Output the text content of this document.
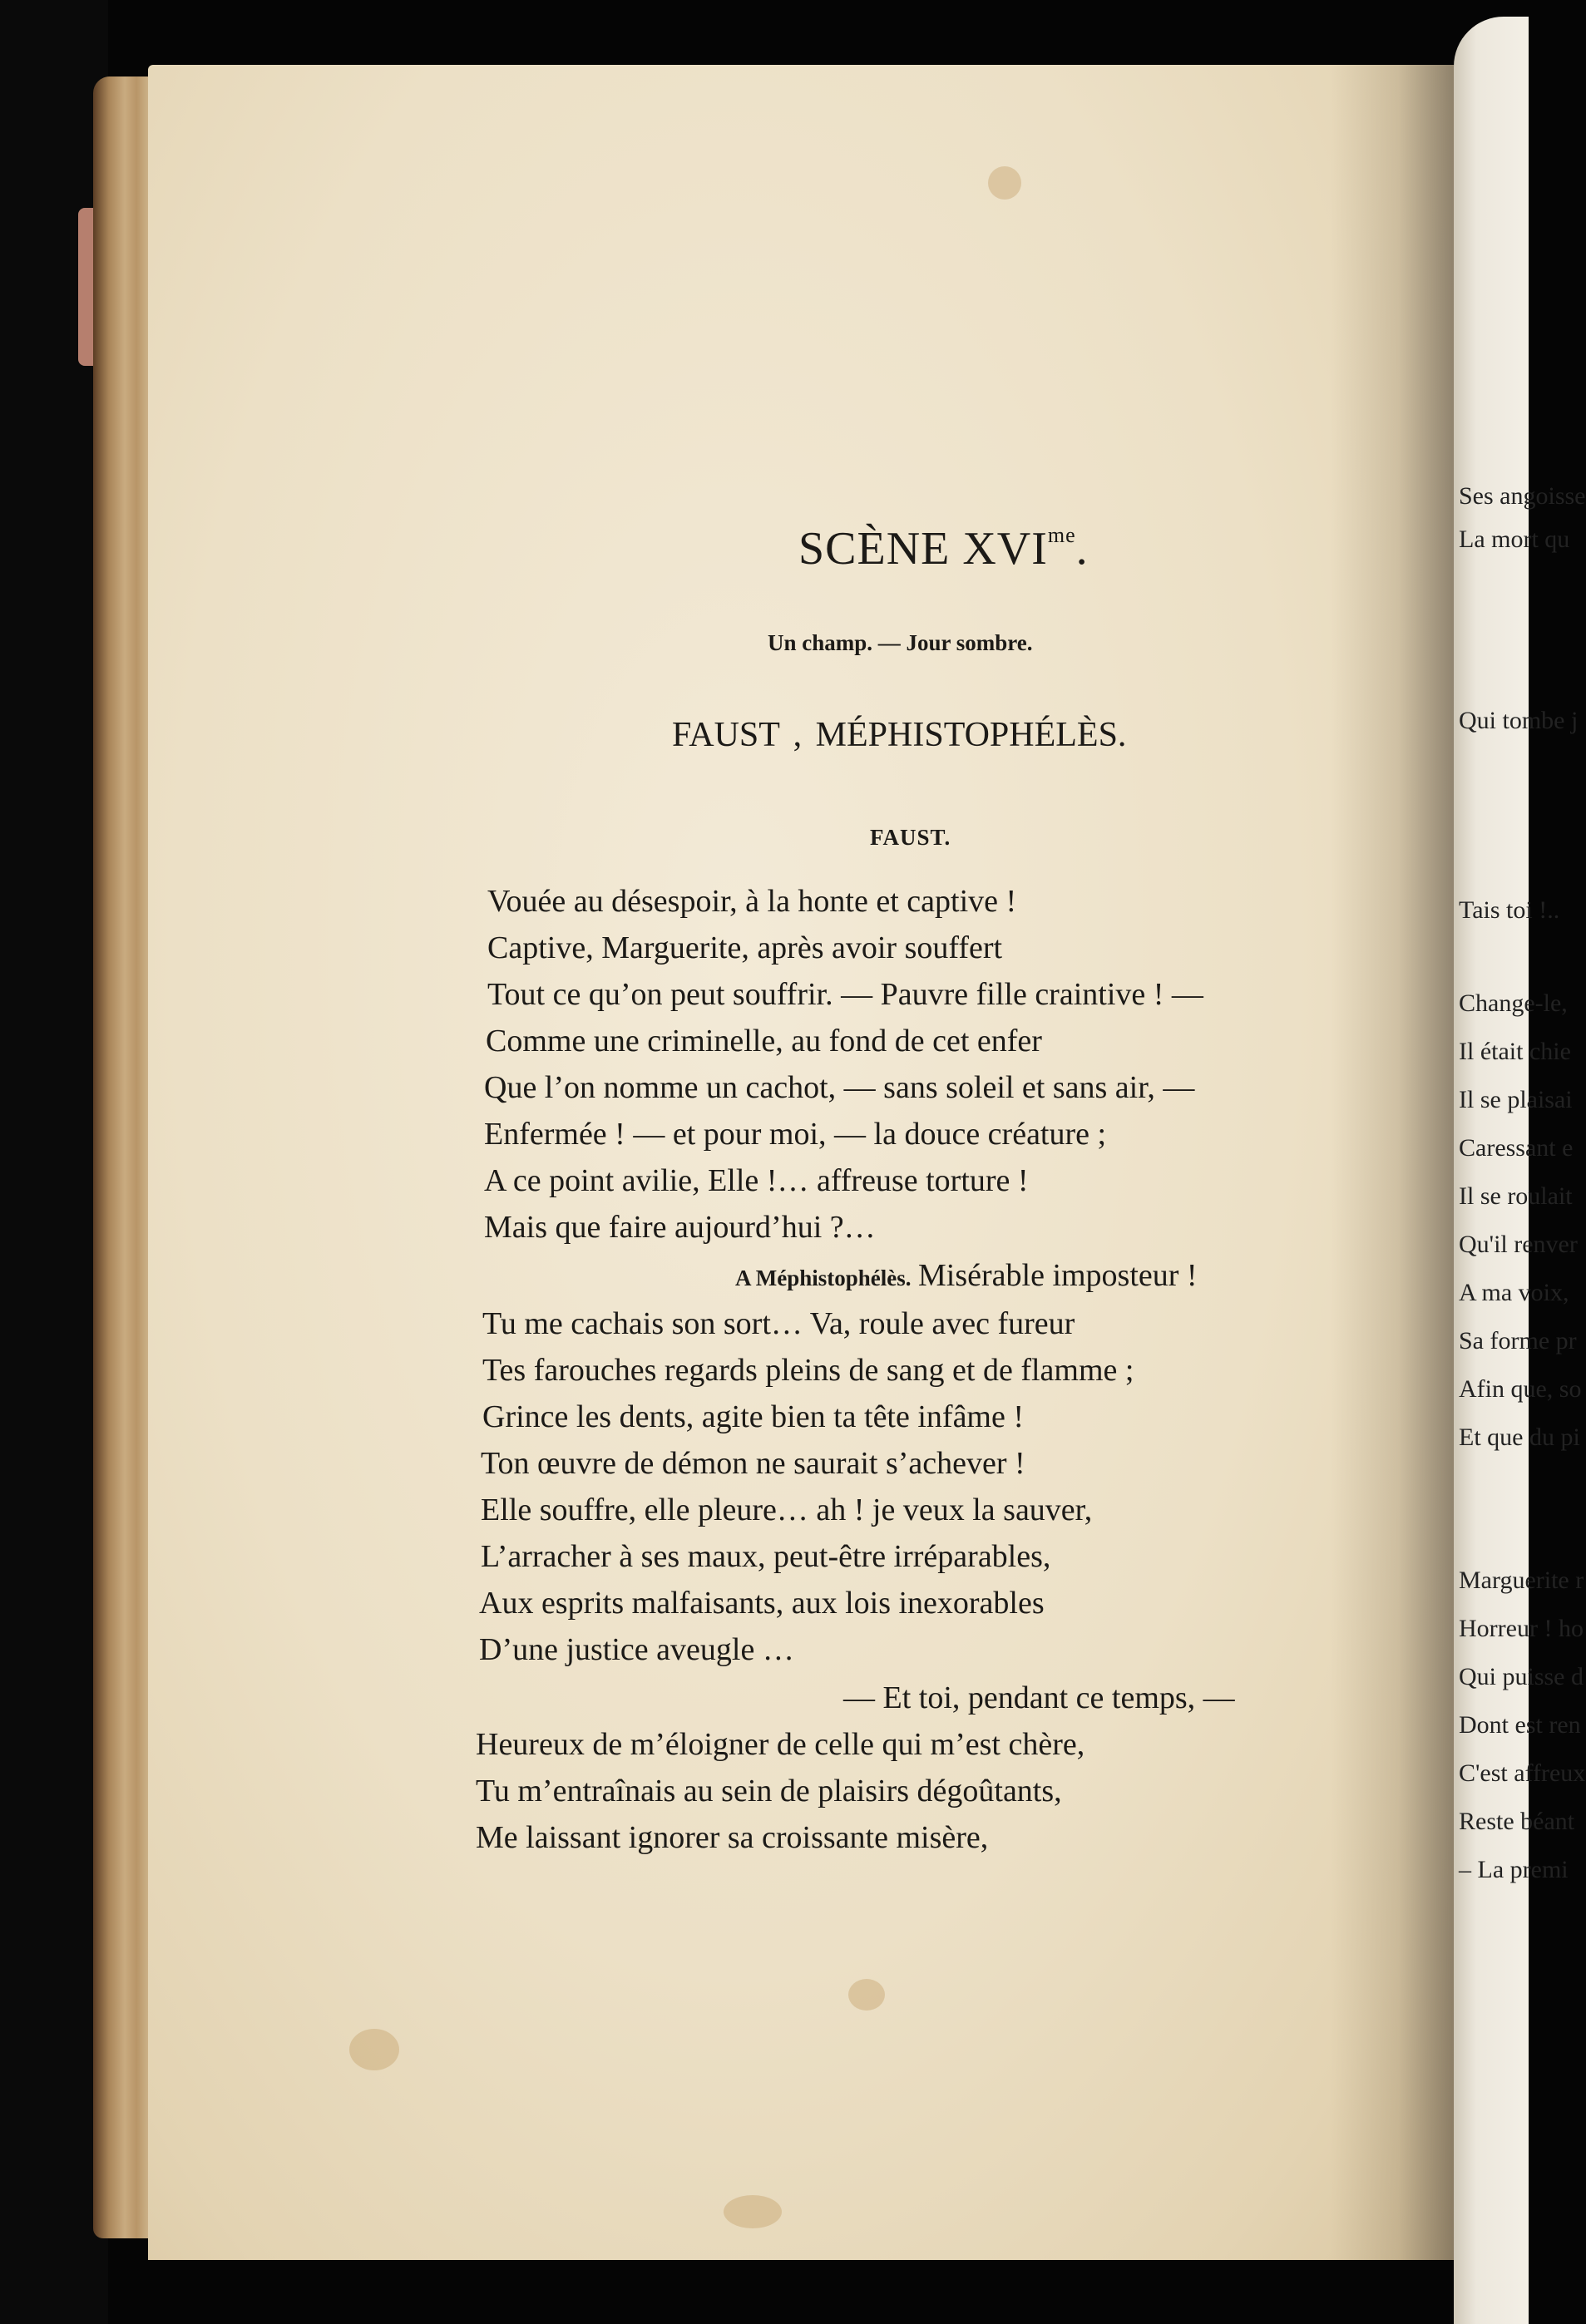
Ses angoisse
La mort qu
Qui tombe j
Tais toi !..
Change-le,
Il était chie
Il se plaisai
Caressant e
Il se roulait
Qu'il renver
A ma voix,
Sa forme pr
Afin que, so
Et que du pi
Marguerite r
Horreur ! ho
Qui puisse d
Dont est ren
C'est affreux
Reste béant
– La premi
SCÈNE $XVI^{me}$.
Un champ. — Jour sombre.
FAUST , MÉPHISTOPHÉLÈS.
FAUST.
Vouée au désespoir, à la honte et captive !
Captive, Marguerite, après avoir souffert
Tout ce qu’on peut souffrir. — Pauvre fille craintive ! —
Comme une criminelle, au fond de cet enfer
Que l’on nomme un cachot, — sans soleil et sans air, —
Enfermée ! — et pour moi, — la douce créature ;
A ce point avilie, Elle !… affreuse torture !
Mais que faire aujourd’hui ?…
A Méphistophélès. Misérable imposteur !
Tu me cachais son sort… Va, roule avec fureur
Tes farouches regards pleins de sang et de flamme ;
Grince les dents, agite bien ta tête infâme !
Ton œuvre de démon ne saurait s’achever !
Elle souffre, elle pleure… ah ! je veux la sauver,
L’arracher à ses maux, peut-être irréparables,
Aux esprits malfaisants, aux lois inexorables
D’une justice aveugle …
— Et toi, pendant ce temps, —
Heureux de m’éloigner de celle qui m’est chère,
Tu m’entraînais au sein de plaisirs dégoûtants,
Me laissant ignorer sa croissante misère,
